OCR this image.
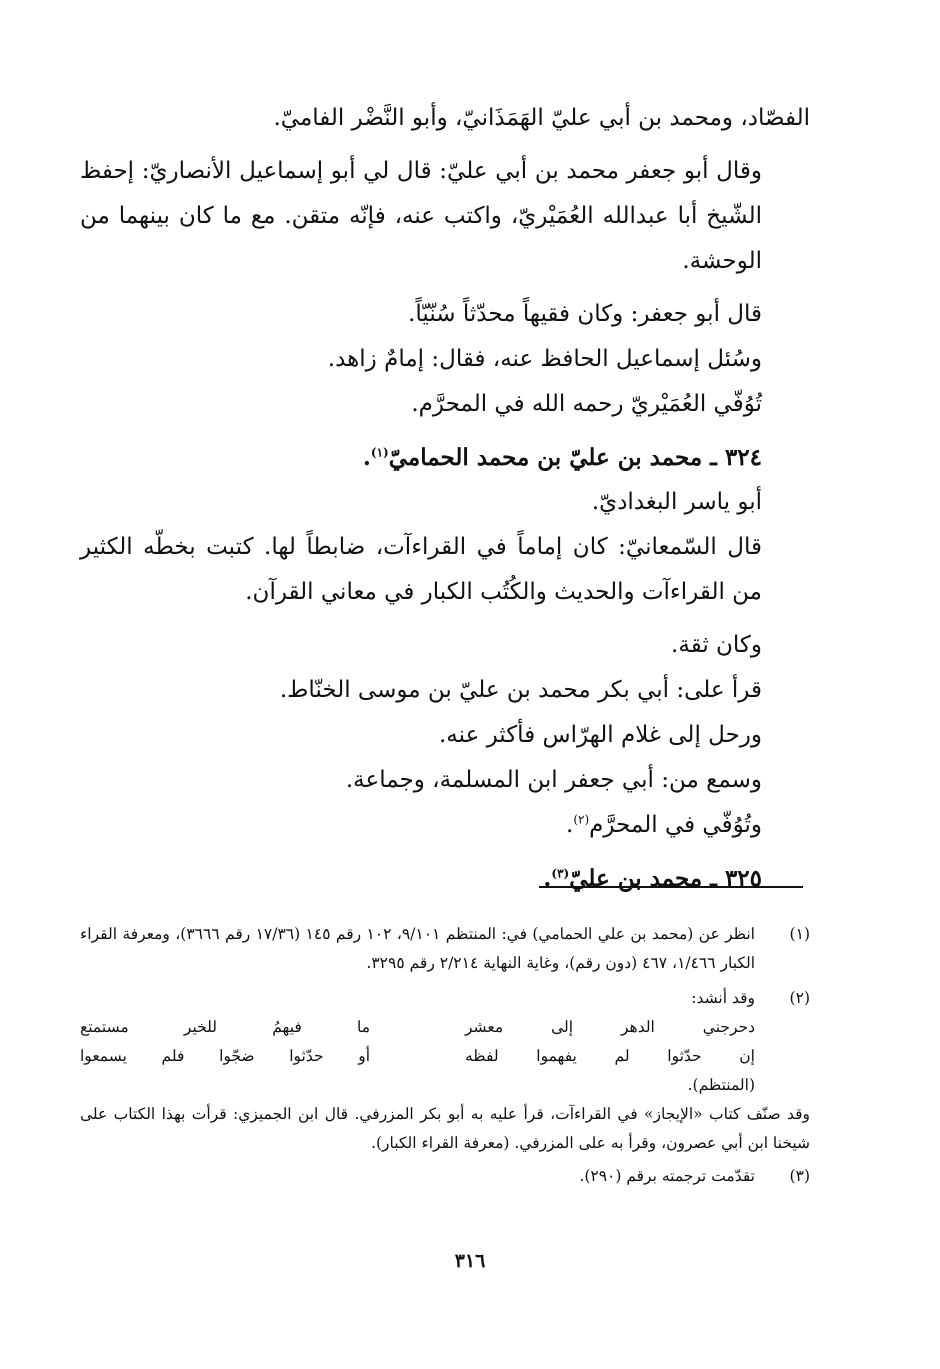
الفصّاد، ومحمد بن أبي عليّ الهَمَذَانيّ، وأبو النَّضْر الفاميّ.

وقال أبو جعفر محمد بن أبي عليّ: قال لي أبو إسماعيل الأنصاريّ: إحفظ الشّيخ أبا عبدالله العُمَيْريّ، واكتب عنه، فإنّه متقن. مع ما كان بينهما من الوحشة.

قال أبو جعفر: وكان فقيهاً محدّثاً سُنّيّاً.

وسُئل إسماعيل الحافظ عنه، فقال: إمامٌ زاهد.

تُوُفّي العُمَيْريّ رحمه الله في المحرَّم.

٣٢٤ ـ محمد بن عليّ بن محمد الحماميّ$^{(١)}$.

أبو ياسر البغداديّ.

قال السّمعانيّ: كان إماماً في القراءآت، ضابطاً لها. كتبت بخطّه الكثير من القراءآت والحديث والكُتُب الكبار في معاني القرآن.

وكان ثقة.

قرأ على: أبي بكر محمد بن عليّ بن موسى الخنّاط.

ورحل إلى غلام الهرّاس فأكثر عنه.

وسمع من: أبي جعفر ابن المسلمة، وجماعة.

وتُوُفّي في المحرَّم$^{(٢)}$.

٣٢٥ ـ محمد بن عليّ$^{(٣)}$.

(١)
انظر عن (محمد بن علي الحمامي) في: المنتظم ٩/١٠١، ١٠٢ رقم ١٤٥ (١٧/٣٦ رقم ٣٦٦٦)، ومعرفة القراء الكبار ١/٤٦٦، ٤٦٧ (دون رقم)، وغاية النهاية ٢/٢١٤ رقم ٣٢٩٥.
(٢)

وقد أنشد:

دحرجني الدهر إلى معشر
ما فيهمُ للخير مستمتع
إن حدّثوا لم يفهموا لفظه
أو حدّثوا ضجّوا فلم يسمعوا

(المنتظم).

وقد صنّف كتاب «الإيجاز» في القراءآت، قرأ عليه به أبو بكر المزرفي. قال ابن الجميزي: قرأت بهذا الكتاب على شيخنا ابن أبي عصرون، وقرأ به على المزرفي. (معرفة القراء الكبار).
(٣)
تقدّمت ترجمته برقم (٢٩٠).
٣١٦
